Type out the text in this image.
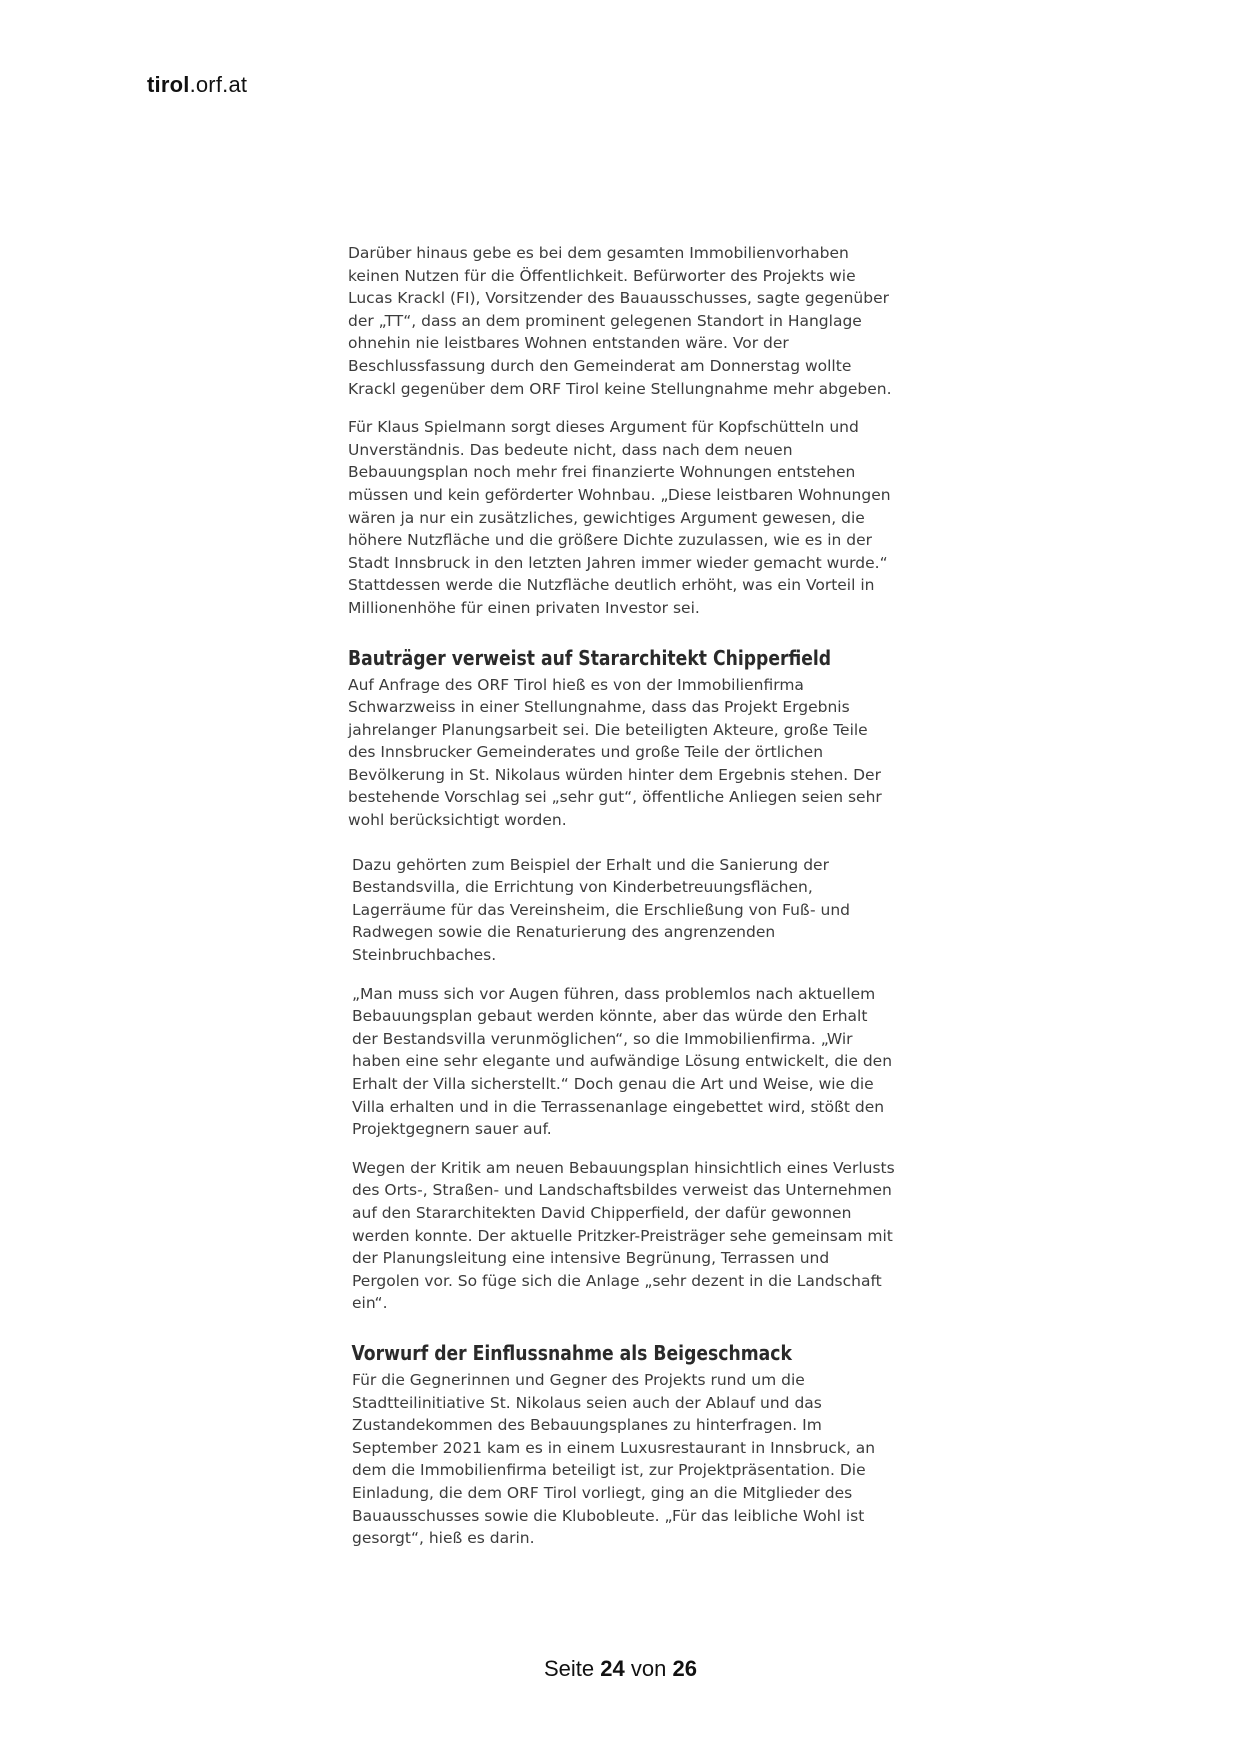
tirol.orf.at

Darüber hinaus gebe es bei dem gesamten Immobilienvorhaben keinen Nutzen für die Öffentlichkeit. Befürworter des Projekts wie Lucas Krackl (FI), Vorsitzender des Bauausschusses, sagte gegenüber der „TT“, dass an dem prominent gelegenen Standort in Hanglage ohnehin nie leistbares Wohnen entstanden wäre. Vor der Beschlussfassung durch den Gemeinderat am Donnerstag wollte Krackl gegenüber dem ORF Tirol keine Stellungnahme mehr abgeben.

Für Klaus Spielmann sorgt dieses Argument für Kopfschütteln und Unverständnis. Das bedeute nicht, dass nach dem neuen Bebauungsplan noch mehr frei finanzierte Wohnungen entstehen müssen und kein geförderter Wohnbau. „Diese leistbaren Wohnungen wären ja nur ein zusätzliches, gewichtiges Argument gewesen, die höhere Nutzfläche und die größere Dichte zuzulassen, wie es in der Stadt Innsbruck in den letzten Jahren immer wieder gemacht wurde.“ Stattdessen werde die Nutzfläche deutlich erhöht, was ein Vorteil in Millionenhöhe für einen privaten Investor sei.

Bauträger verweist auf Stararchitekt Chipperfield

Auf Anfrage des ORF Tirol hieß es von der Immobilienfirma Schwarzweiss in einer Stellungnahme, dass das Projekt Ergebnis jahrelanger Planungsarbeit sei. Die beteiligten Akteure, große Teile des Innsbrucker Gemeinderates und große Teile der örtlichen Bevölkerung in St. Nikolaus würden hinter dem Ergebnis stehen. Der bestehende Vorschlag sei „sehr gut“, öffentliche Anliegen seien sehr wohl berücksichtigt worden.

Dazu gehörten zum Beispiel der Erhalt und die Sanierung der Bestandsvilla, die Errichtung von Kinderbetreuungsflächen, Lagerräume für das Vereinsheim, die Erschließung von Fuß- und Radwegen sowie die Renaturierung des angrenzenden Steinbruchbaches.

„Man muss sich vor Augen führen, dass problemlos nach aktuellem Bebauungsplan gebaut werden könnte, aber das würde den Erhalt der Bestandsvilla verunmöglichen“, so die Immobilienfirma. „Wir haben eine sehr elegante und aufwändige Lösung entwickelt, die den Erhalt der Villa sicherstellt.“ Doch genau die Art und Weise, wie die Villa erhalten und in die Terrassenanlage eingebettet wird, stößt den Projektgegnern sauer auf.

Wegen der Kritik am neuen Bebauungsplan hinsichtlich eines Verlusts des Orts-, Straßen- und Landschaftsbildes verweist das Unternehmen auf den Stararchitekten David Chipperfield, der dafür gewonnen werden konnte. Der aktuelle Pritzker-Preisträger sehe gemeinsam mit der Planungsleitung eine intensive Begrünung, Terrassen und Pergolen vor. So füge sich die Anlage „sehr dezent in die Landschaft ein“.

Vorwurf der Einflussnahme als Beigeschmack

Für die Gegnerinnen und Gegner des Projekts rund um die Stadtteilinitiative St. Nikolaus seien auch der Ablauf und das Zustandekommen des Bebauungsplanes zu hinterfragen. Im September 2021 kam es in einem Luxusrestaurant in Innsbruck, an dem die Immobilienfirma beteiligt ist, zur Projektpräsentation. Die Einladung, die dem ORF Tirol vorliegt, ging an die Mitglieder des Bauausschusses sowie die Klubobleute. „Für das leibliche Wohl ist gesorgt“, hieß es darin.

Seite 24 von 26
